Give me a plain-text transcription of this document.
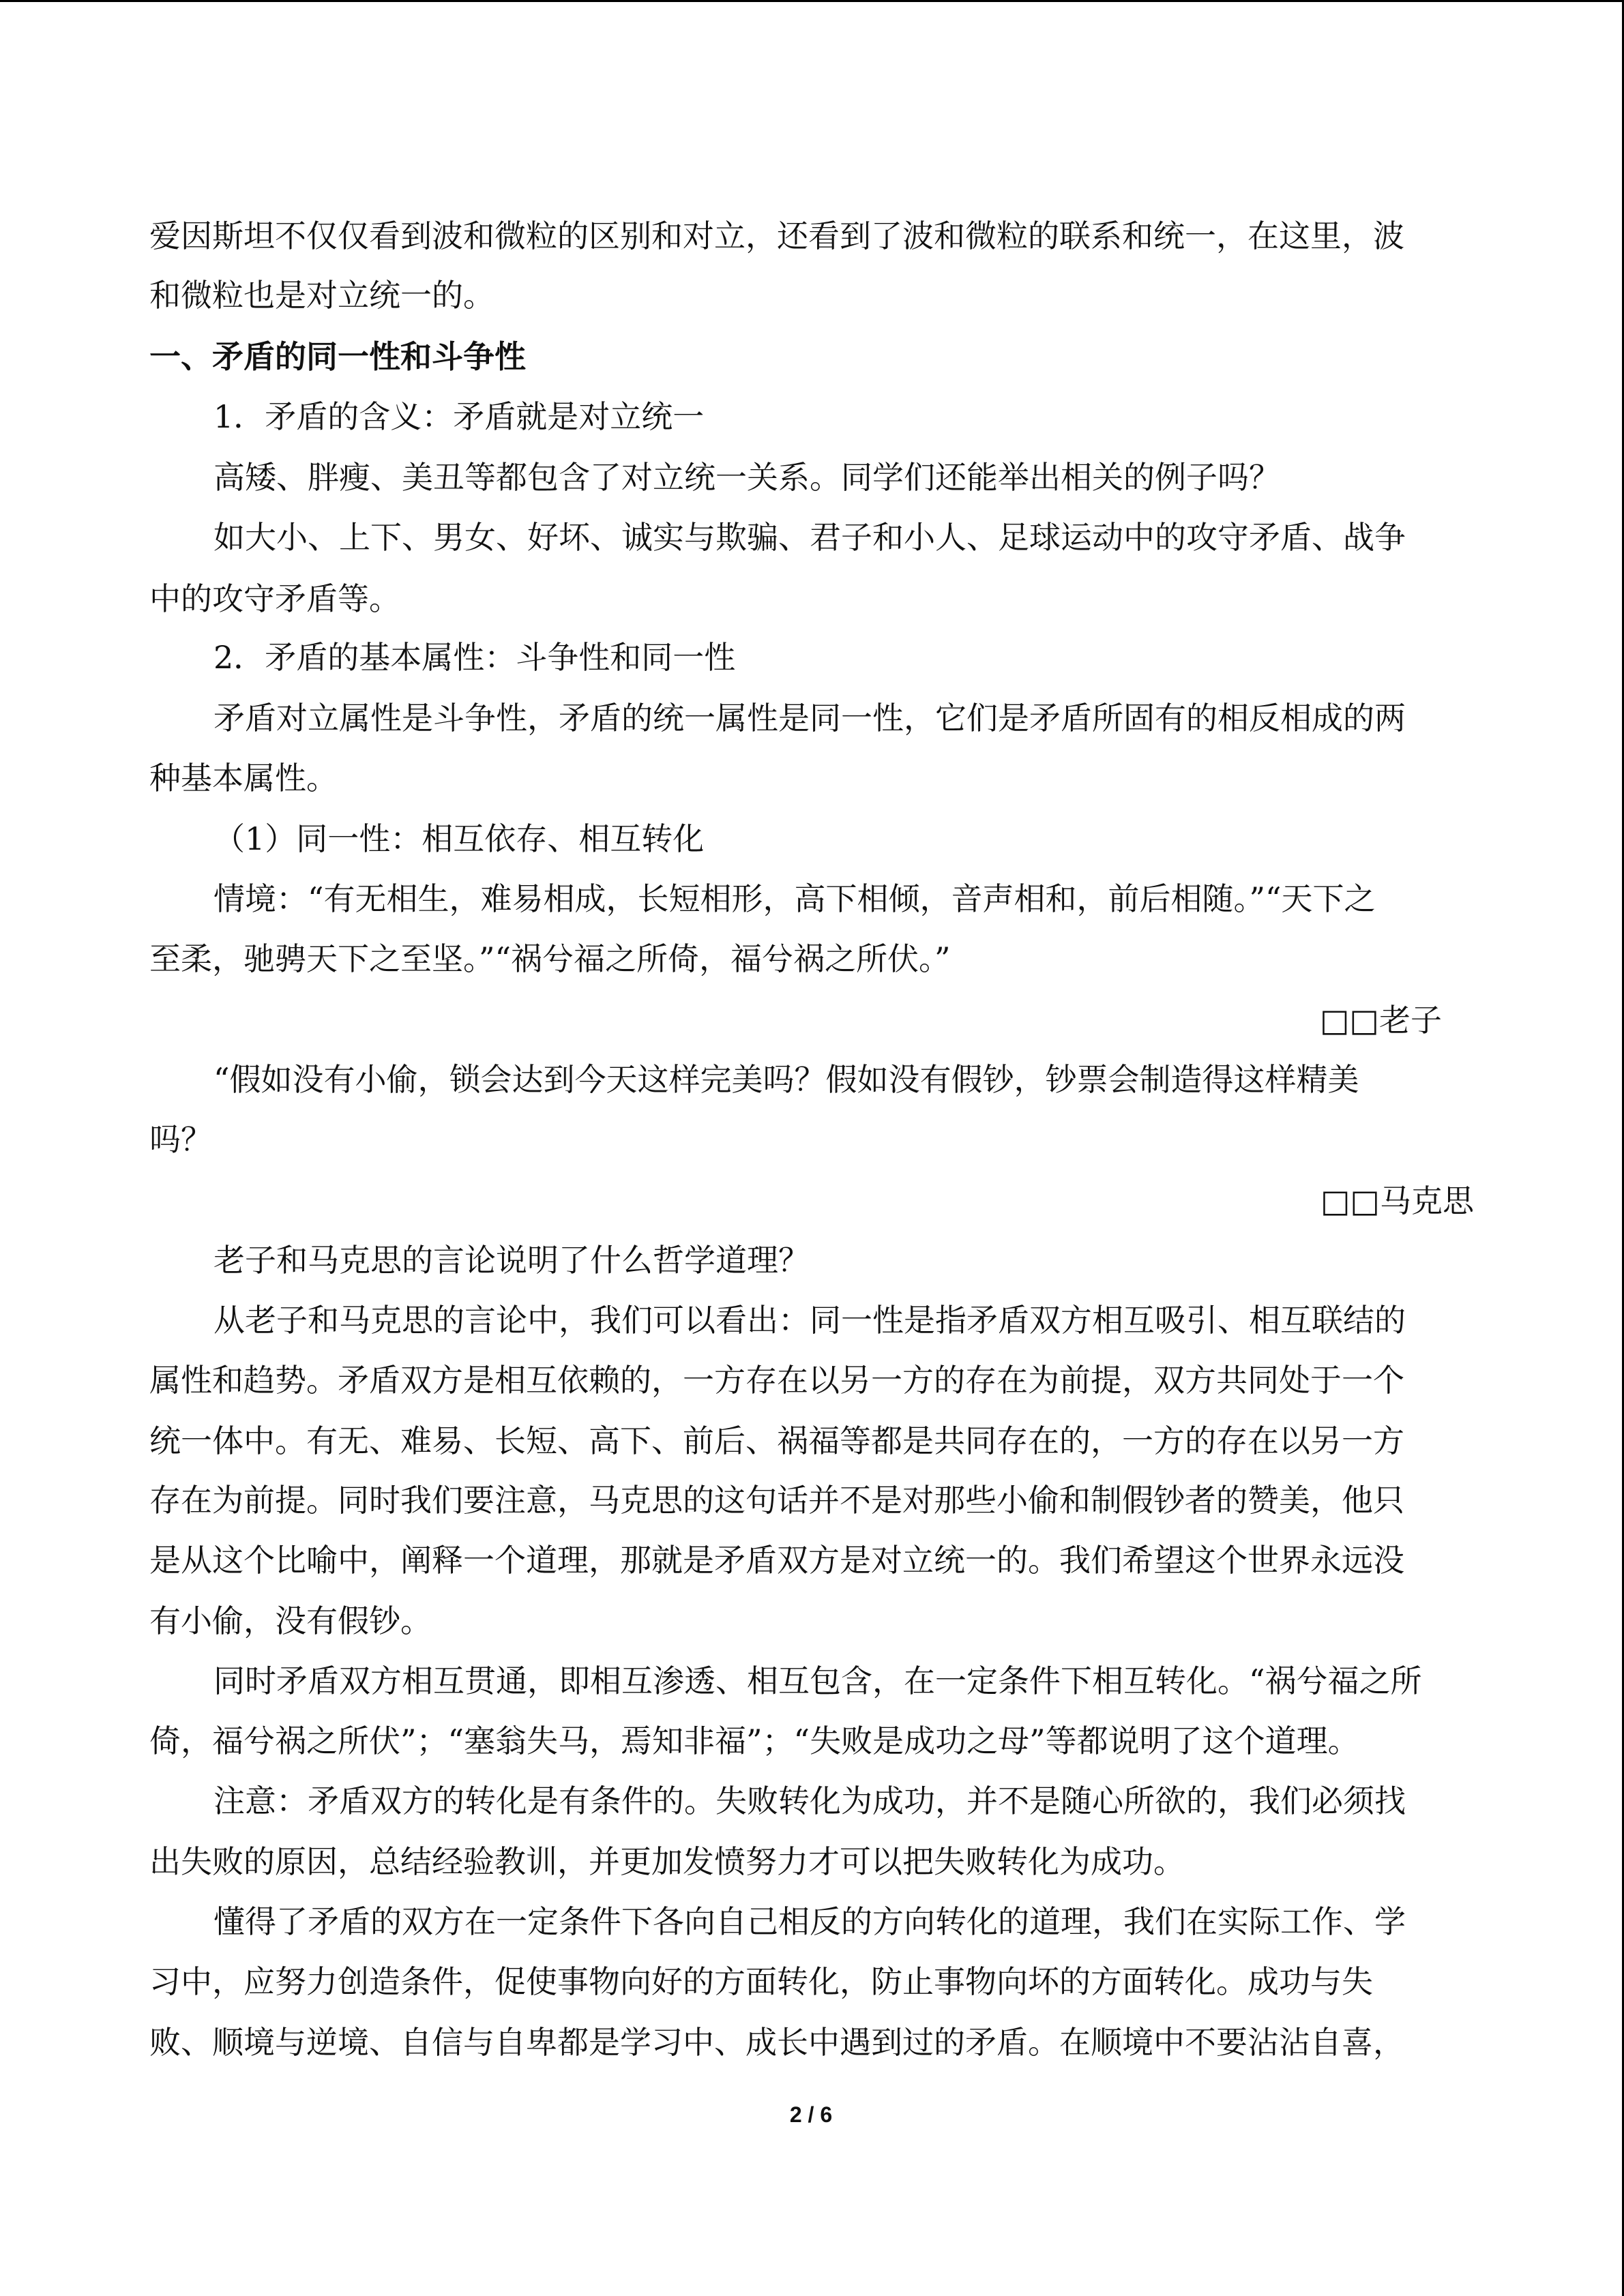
爱因斯坦不仅仅看到波和微粒的区别和对立，还看到了波和微粒的联系和统一，在这里，波
和微粒也是对立统一的。
一、矛盾的同一性和斗争性
1．矛盾的含义：矛盾就是对立统一
高矮、胖瘦、美丑等都包含了对立统一关系。同学们还能举出相关的例子吗？
如大小、上下、男女、好坏、诚实与欺骗、君子和小人、足球运动中的攻守矛盾、战争
中的攻守矛盾等。
2．矛盾的基本属性：斗争性和同一性
矛盾对立属性是斗争性，矛盾的统一属性是同一性，它们是矛盾所固有的相反相成的两
种基本属性。
（1）同一性：相互依存、相互转化
情境：“有无相生，难易相成，长短相形，高下相倾，音声相和，前后相随。”“天下之
至柔，驰骋天下之至坚。”“祸兮福之所倚，福兮祸之所伏。”
□□老子
“假如没有小偷，锁会达到今天这样完美吗？假如没有假钞，钞票会制造得这样精美
吗？
□□马克思
老子和马克思的言论说明了什么哲学道理？
从老子和马克思的言论中，我们可以看出：同一性是指矛盾双方相互吸引、相互联结的
属性和趋势。矛盾双方是相互依赖的，一方存在以另一方的存在为前提，双方共同处于一个
统一体中。有无、难易、长短、高下、前后、祸福等都是共同存在的，一方的存在以另一方
存在为前提。同时我们要注意，马克思的这句话并不是对那些小偷和制假钞者的赞美，他只
是从这个比喻中，阐释一个道理，那就是矛盾双方是对立统一的。我们希望这个世界永远没
有小偷，没有假钞。
同时矛盾双方相互贯通，即相互渗透、相互包含，在一定条件下相互转化。“祸兮福之所
倚，福兮祸之所伏”；“塞翁失马，焉知非福”；“失败是成功之母”等都说明了这个道理。
注意：矛盾双方的转化是有条件的。失败转化为成功，并不是随心所欲的，我们必须找
出失败的原因，总结经验教训，并更加发愤努力才可以把失败转化为成功。
懂得了矛盾的双方在一定条件下各向自己相反的方向转化的道理，我们在实际工作、学
习中，应努力创造条件，促使事物向好的方面转化，防止事物向坏的方面转化。成功与失
败、顺境与逆境、自信与自卑都是学习中、成长中遇到过的矛盾。在顺境中不要沾沾自喜，
2 / 6
